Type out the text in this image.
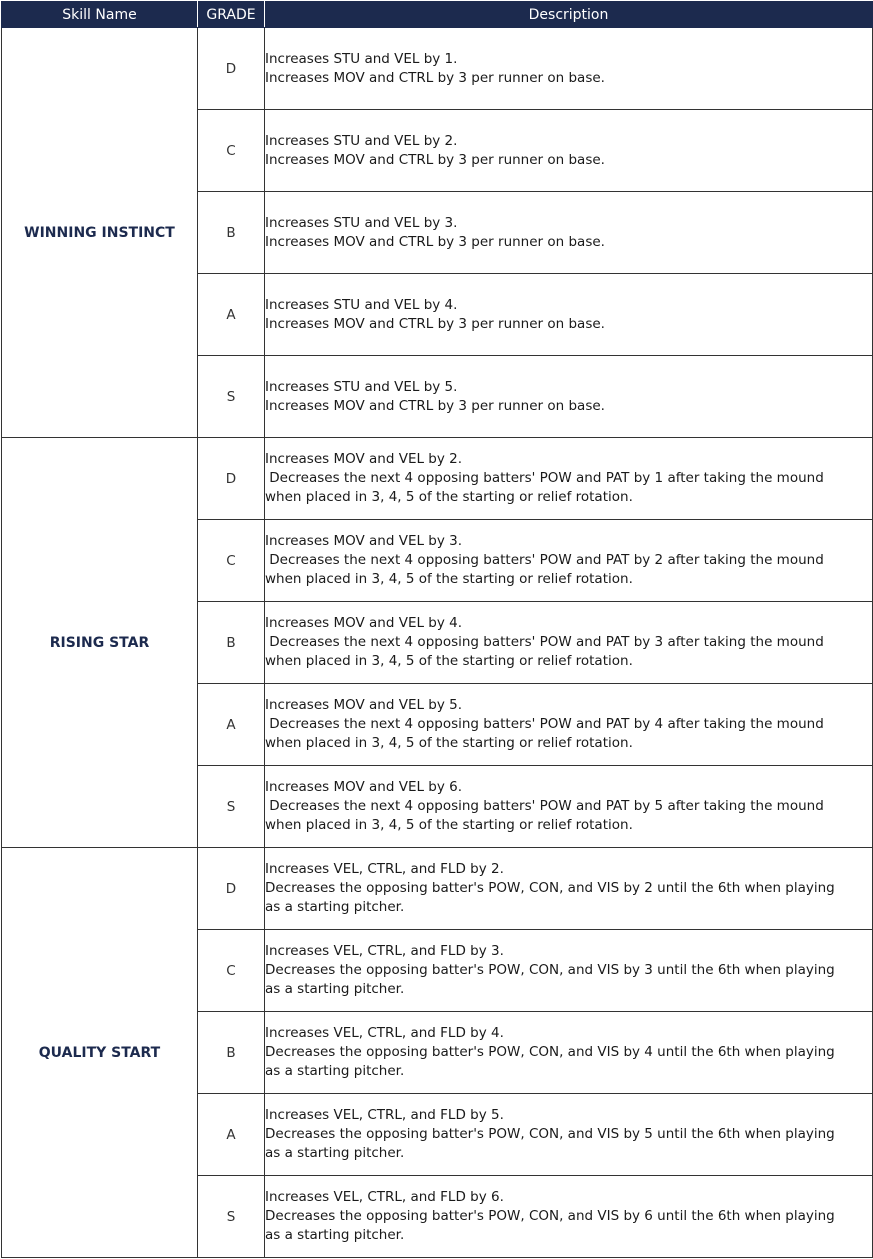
Skill Name	GRADE	Description
WINNING INSTINCT	D	Increases STU and VEL by 1.
Increases MOV and CTRL by 3 per runner on base.

	C	Increases STU and VEL by 2.
Increases MOV and CTRL by 3 per runner on base.

	B	Increases STU and VEL by 3.
Increases MOV and CTRL by 3 per runner on base.

	A	Increases STU and VEL by 4.
Increases MOV and CTRL by 3 per runner on base.

	S	Increases STU and VEL by 5.
Increases MOV and CTRL by 3 per runner on base.

RISING STAR	D	Increases MOV and VEL by 2.
Decreases the next 4 opposing batters' POW and PAT by 1 after taking the mound
when placed in 3, 4, 5 of the starting or relief rotation.

	C	Increases MOV and VEL by 3.
Decreases the next 4 opposing batters' POW and PAT by 2 after taking the mound
when placed in 3, 4, 5 of the starting or relief rotation.

	B	Increases MOV and VEL by 4.
Decreases the next 4 opposing batters' POW and PAT by 3 after taking the mound
when placed in 3, 4, 5 of the starting or relief rotation.

	A	Increases MOV and VEL by 5.
Decreases the next 4 opposing batters' POW and PAT by 4 after taking the mound
when placed in 3, 4, 5 of the starting or relief rotation.

	S	Increases MOV and VEL by 6.
Decreases the next 4 opposing batters' POW and PAT by 5 after taking the mound
when placed in 3, 4, 5 of the starting or relief rotation.

QUALITY START	D	Increases VEL, CTRL, and FLD by 2.
Decreases the opposing batter's POW, CON, and VIS by 2 until the 6th when playing
as a starting pitcher.

	C	Increases VEL, CTRL, and FLD by 3.
Decreases the opposing batter's POW, CON, and VIS by 3 until the 6th when playing
as a starting pitcher.

	B	Increases VEL, CTRL, and FLD by 4.
Decreases the opposing batter's POW, CON, and VIS by 4 until the 6th when playing
as a starting pitcher.

	A	Increases VEL, CTRL, and FLD by 5.
Decreases the opposing batter's POW, CON, and VIS by 5 until the 6th when playing
as a starting pitcher.

	S	Increases VEL, CTRL, and FLD by 6.
Decreases the opposing batter's POW, CON, and VIS by 6 until the 6th when playing
as a starting pitcher.
